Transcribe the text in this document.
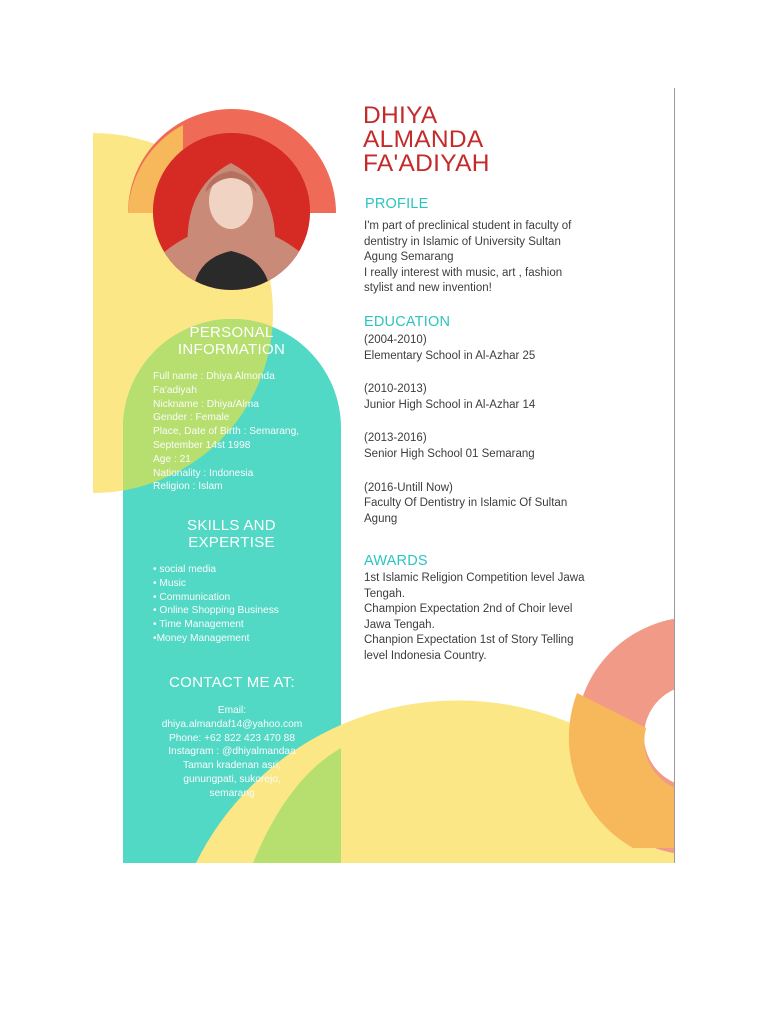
PERSONAL
INFORMATION

Full name : Dhiya Almonda

Fa'adiyah

Nickname : Dhiya/Alma

Gender : Female

Place, Date of Birth : Semarang,

September 14st 1998

Age : 21

Nationality : Indonesia

Religion : Islam

SKILLS AND
EXPERTISE

• social media

• Music

• Communication

• Online Shopping Business

• Time Management

•Money Management

CONTACT ME AT:

Email:

dhiya.almandaf14@yahoo.com

Phone: +62 822 423 470 88

Instagram : @dhiyalmandaa

Taman kradenan asri,

gunungpati, sukorejo,

semarang

DHIYA

ALMANDA

FA'ADIYAH

PROFILE

I'm part of preclinical student in faculty of

dentistry in Islamic of University Sultan

Agung Semarang

I really interest with music, art , fashion

stylist and new invention!

EDUCATION

(2004-2010)

Elementary School in Al-Azhar 25

(2010-2013)

Junior High School in Al-Azhar 14

(2013-2016)

Senior High School 01 Semarang

(2016-Untill Now)

Faculty Of Dentistry in Islamic Of Sultan

Agung

AWARDS

1st Islamic Religion Competition level Jawa

Tengah.

Champion Expectation 2nd of Choir level

Jawa Tengah.

Chanpion Expectation 1st of Story Telling

level Indonesia Country.
